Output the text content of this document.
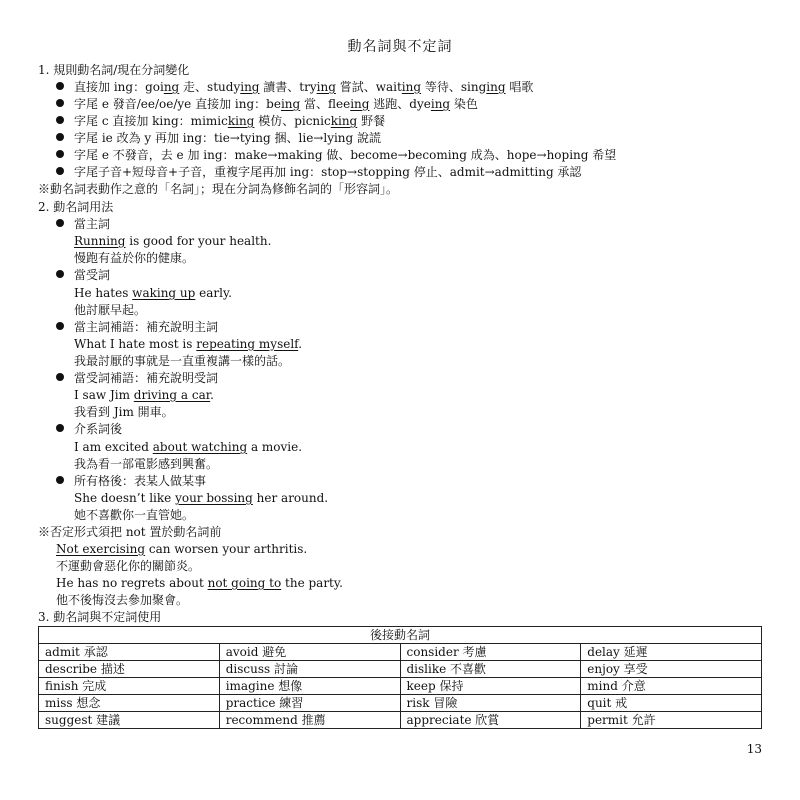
動名詞與不定詞
1. 規則動名詞/現在分詞變化
直接加 ing：going 走、studying 讀書、trying 嘗試、waiting 等待、singing 唱歌
字尾 e 發音/ee/oe/ye 直接加 ing：being 當、fleeing 逃跑、dyeing 染色
字尾 c 直接加 king：mimicking 模仿、picnicking 野餐
字尾 ie 改為 y 再加 ing：tie→tying 捆、lie→lying 說謊
字尾 e 不發音，去 e 加 ing：make→making 做、become→becoming 成為、hope→hoping 希望
字尾子音+短母音+子音，重複字尾再加 ing：stop→stopping 停止、admit→admitting 承認
※動名詞表動作之意的「名詞」；現在分詞為修飾名詞的「形容詞」。
2. 動名詞用法
當主詞
Running is good for your health.
慢跑有益於你的健康。
當受詞
He hates waking up early.
他討厭早起。
當主詞補語：補充說明主詞
What I hate most is repeating myself.
我最討厭的事就是一直重複講一樣的話。
當受詞補語：補充說明受詞
I saw Jim driving a car.
我看到 Jim 開車。
介系詞後
I am excited about watching a movie.
我為看一部電影感到興奮。
所有格後：表某人做某事
She doesn’t like your bossing her around.
她不喜歡你一直管她。
※否定形式須把 not 置於動名詞前
Not exercising can worsen your arthritis.
不運動會惡化你的關節炎。
He has no regrets about not going to the party.
他不後悔沒去參加聚會。
3. 動名詞與不定詞使用
後接動名詞			
admit 承認	avoid 避免	consider 考慮	delay 延遲
describe 描述	discuss 討論	dislike 不喜歡	enjoy 享受
finish 完成	imagine 想像	keep 保持	mind 介意
miss 想念	practice 練習	risk 冒險	quit 戒
suggest 建議	recommend 推薦	appreciate 欣賞	permit 允許
13
